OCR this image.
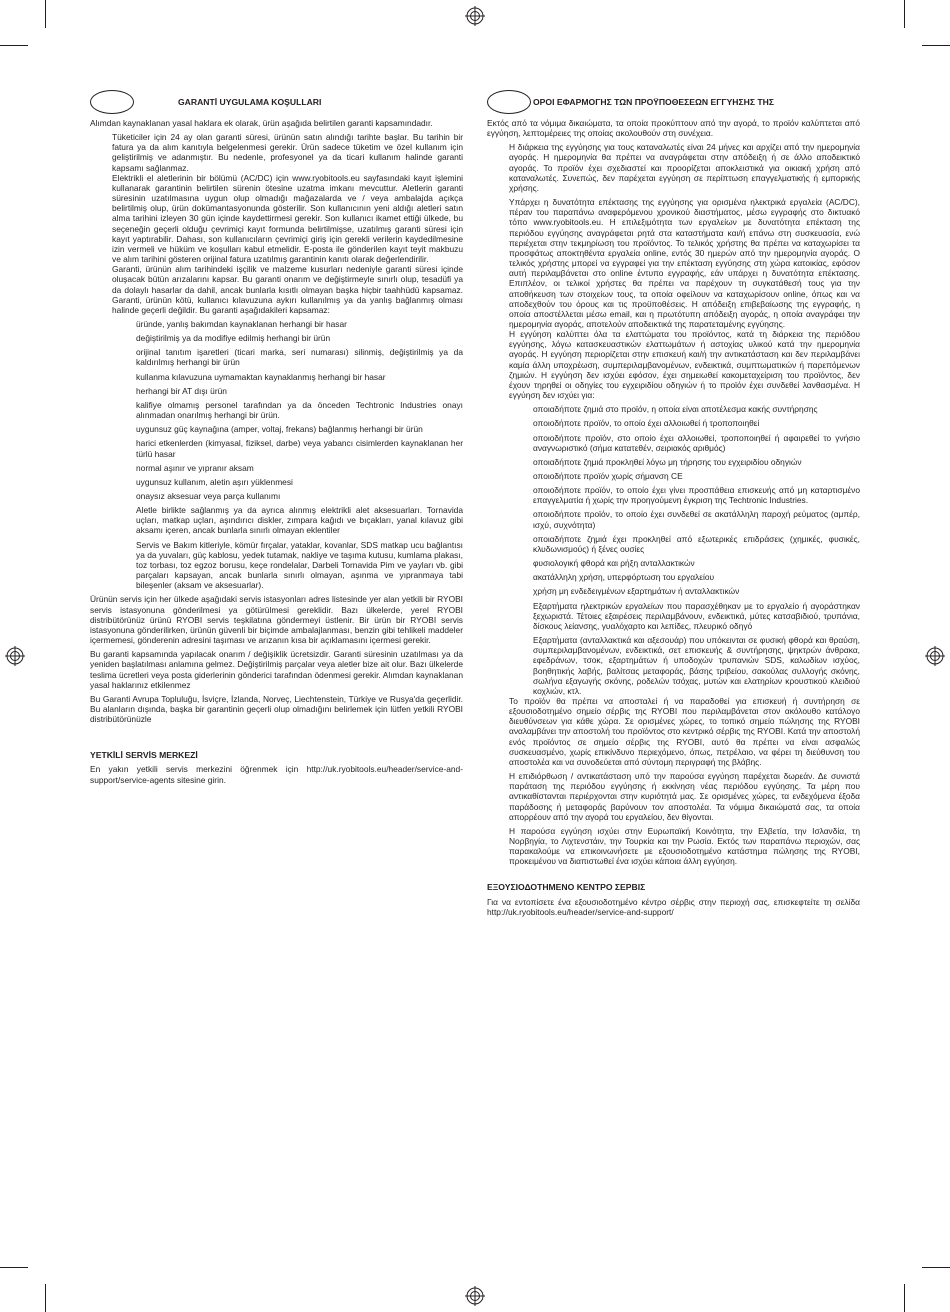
GARANTİ UYGULAMA KOŞULLARI

Alımdan kaynaklanan yasal haklara ek olarak, ürün aşağıda belirtilen garanti kapsamındadır.

Tüketiciler için 24 ay olan garanti süresi, ürünün satın alındığı tarihte başlar. Bu tarihin bir fatura ya da alım kanıtıyla belgelenmesi gerekir. Ürün sadece tüketim ve özel kullanım için geliştirilmiş ve adanmıştır. Bu nedenle, profesyonel ya da ticari kullanım halinde garanti kapsamı sağlanmaz.

Elektrikli el aletlerinin bir bölümü (AC/DC) için www.ryobitools.eu sayfasındaki kayıt işlemini kullanarak garantinin belirtilen sürenin ötesine uzatma imkanı mevcuttur. Aletlerin garanti süresinin uzatılmasına uygun olup olmadığı mağazalarda ve / veya ambalajda açıkça belirtilmiş olup, ürün dokümantasyonunda gösterilir. Son kullanıcının yeni aldığı aletleri satın alma tarihini izleyen 30 gün içinde kaydettirmesi gerekir. Son kullanıcı ikamet ettiği ülkede, bu seçeneğin geçerli olduğu çevrimiçi kayıt formunda belirtilmişse, uzatılmış garanti süresi için kayıt yaptırabilir. Dahası, son kullanıcıların çevrimiçi giriş için gerekli verilerin kaydedilmesine izin vermeli ve hüküm ve koşulları kabul etmelidir. E-posta ile gönderilen kayıt teyit makbuzu ve alım tarihini gösteren orijinal fatura uzatılmış garantinin kanıtı olarak değerlendirilir.

Garanti, ürünün alım tarihindeki işçilik ve malzeme kusurları nedeniyle garanti süresi içinde oluşacak bütün arızalarını kapsar. Bu garanti onarım ve değiştirmeyle sınırlı olup, tesadüfi ya da dolaylı hasarlar da dahil, ancak bunlarla kısıtlı olmayan başka hiçbir taahhüdü kapsamaz. Garanti, ürünün kötü, kullanıcı kılavuzuna aykırı kullanılmış ya da yanlış bağlanmış olması halinde geçerli değildir. Bu garanti aşağıdakileri kapsamaz:

üründe, yanlış bakımdan kaynaklanan herhangi bir hasar

değiştirilmiş ya da modifiye edilmiş herhangi bir ürün

orijinal tanıtım işaretleri (ticari marka, seri numarası) silinmiş, değiştirilmiş ya da kaldırılmış herhangi bir ürün

kullanma kılavuzuna uymamaktan kaynaklanmış herhangi bir hasar

herhangi bir AT dışı ürün

kalifiye olmamış personel tarafından ya da önceden Techtronic Industries onayı alınmadan onarılmış herhangi bir ürün.

uygunsuz güç kaynağına (amper, voltaj, frekans) bağlanmış herhangi bir ürün

harici etkenlerden (kimyasal, fiziksel, darbe) veya yabancı cisimlerden kaynaklanan her türlü hasar

normal aşınır ve yıpranır aksam

uygunsuz kullanım, aletin aşırı yüklenmesi

onaysız aksesuar veya parça kullanımı

Aletle birlikte sağlanmış ya da ayrıca alınmış elektrikli alet aksesuarları. Tornavida uçları, matkap uçları, aşındırıcı diskler, zımpara kağıdı ve bıçakları, yanal kılavuz gibi aksamı içeren, ancak bunlarla sınırlı olmayan eklentiler

Servis ve Bakım kitleriyle, kömür fırçalar, yataklar, kovanlar, SDS matkap ucu bağlantısı ya da yuvaları, güç kablosu, yedek tutamak, nakliye ve taşıma kutusu, kumlama plakası, toz torbası, toz egzoz borusu, keçe rondelalar, Darbeli Tornavida Pim ve yayları vb. gibi parçaları kapsayan, ancak bunlarla sınırlı olmayan, aşınma ve yıpranmaya tabi bileşenler (aksam ve aksesuarlar).

Ürünün servis için her ülkede aşağıdaki servis istasyonları adres listesinde yer alan yetkili bir RYOBI servis istasyonuna gönderilmesi ya götürülmesi gereklidir. Bazı ülkelerde, yerel RYOBI distribütörünüz ürünü RYOBI servis teşkilatına göndermeyi üstlenir. Bir ürün bir RYOBI servis istasyonuna gönderilirken, ürünün güvenli bir biçimde ambalajlanması, benzin gibi tehlikeli maddeler içermemesi, gönderenin adresini taşıması ve arızanın kısa bir açıklamasını içermesi gerekir.

Bu garanti kapsamında yapılacak onarım / değişiklik ücretsizdir. Garanti süresinin uzatılması ya da yeniden başlatılması anlamına gelmez. Değiştirilmiş parçalar veya aletler bize ait olur. Bazı ülkelerde teslima ücretleri veya posta giderlerinin gönderici tarafından ödenmesi gerekir. Alımdan kaynaklanan yasal haklarınız etkilenmez

Bu Garanti Avrupa Topluluğu, İsviçre, İzlanda, Norveç, Liechtenstein, Türkiye ve Rusya'da geçerlidir. Bu alanların dışında, başka bir garantinin geçerli olup olmadığını belirlemek için lütfen yetkili RYOBI distribütörünüzle

YETKİLİ SERVİS MERKEZİ

En yakın yetkili servis merkezini öğrenmek için http://uk.ryobitools.eu/header/service-and-support/service-agents sitesine girin.

ΟΡΟΙ ΕΦΑΡΜΟΓΗΣ ΤΩΝ ΠΡΟΫΠΟΘΕΣΕΩΝ ΕΓΓΥΗΣΗΣ ΤΗΣ

Εκτός από τα νόμιμα δικαιώματα, τα οποία προκύπτουν από την αγορά, το προϊόν καλύπτεται από εγγύηση, λεπτομέρειες της οποίας ακολουθούν στη συνέχεια.

Η διάρκεια της εγγύησης για τους καταναλωτές είναι 24 μήνες και αρχίζει από την ημερομηνία αγοράς. Η ημερομηνία θα πρέπει να αναγράφεται στην απόδειξη ή σε άλλο αποδεικτικό αγοράς. Το προϊόν έχει σχεδιαστεί και προορίζεται αποκλειστικά για οικιακή χρήση από καταναλωτές. Συνεπώς, δεν παρέχεται εγγύηση σε περίπτωση επαγγελματικής ή εμπορικής χρήσης.

Υπάρχει η δυνατότητα επέκτασης της εγγύησης για ορισμένα ηλεκτρικά εργαλεία (AC/DC), πέραν του παραπάνω αναφερόμενου χρονικού διαστήματος, μέσω εγγραφής στο δικτυακό τόπο www.ryobitools.eu. Η επιλεξιμότητα των εργαλείων με δυνατότητα επέκταση της περιόδου εγγύησης αναγράφεται ρητά στα καταστήματα και/ή επάνω στη συσκευασία, ενώ περιέχεται στην τεκμηρίωση του προϊόντος. Το τελικός χρήστης θα πρέπει να καταχωρίσει τα προσφάτως αποκτηθέντα εργαλεία online, εντός 30 ημερών από την ημερομηνία αγοράς. Ο τελικός χρήστης μπορεί να εγγραφεί για την επέκταση εγγύησης στη χώρα κατοικίας, εφόσον αυτή περιλαμβάνεται στο online έντυπο εγγραφής, εάν υπάρχει η δυνατότητα επέκτασης. Επιπλέον, οι τελικοί χρήστες θα πρέπει να παρέχουν τη συγκατάθεσή τους για την αποθήκευση των στοιχείων τους, τα οποία οφείλουν να καταχωρίσουν online, όπως και να αποδεχθούν του όρους και τις προϋποθέσεις. Η απόδειξη επιβεβαίωσης της εγγραφής, η οποία αποστέλλεται μέσω email, και η πρωτότυπη απόδειξη αγοράς, η οποία αναγράφει την ημερομηνία αγοράς, αποτελούν αποδεικτικά της παρατεταμένης εγγύησης.

Η εγγύηση καλύπτει όλα τα ελαττώματα του προϊόντος, κατά τη διάρκεια της περιόδου εγγύησης, λόγω κατασκευαστικών ελαττωμάτων ή αστοχίας υλικού κατά την ημερομηνία αγοράς. Η εγγύηση περιορίζεται στην επισκευή και/ή την αντικατάσταση και δεν περιλαμβάνει καμία άλλη υποχρέωση, συμπεριλαμβανομένων, ενδεικτικά, συμπτωματικών ή παρεπόμενων ζημιών. Η εγγύηση δεν ισχύει εφόσον, έχει σημειωθεί κακομεταχείριση του προϊόντος, δεν έχουν τηρηθεί οι οδηγίες του εγχειριδίου οδηγιών ή το προϊόν έχει συνδεθεί λανθασμένα. Η εγγύηση δεν ισχύει για:

οποιαδήποτε ζημιά στο προϊόν, η οποία είναι αποτέλεσμα κακής συντήρησης

οποιοδήποτε προϊόν, το οποίο έχει αλλοιωθεί ή τροποποιηθεί

οποιοδήποτε προϊόν, στο οποίο έχει αλλοιωθεί, τροποποιηθεί ή αφαιρεθεί το γνήσιο αναγνωριστικό (σήμα κατατεθέν, σειριακός αριθμός)

οποιαδήποτε ζημιά προκληθεί λόγω μη τήρησης του εγχειριδίου οδηγιών

οποιοδήποτε προϊόν χωρίς σήμανση CE

οποιοδήποτε προϊόν, το οποίο έχει γίνει προσπάθεια επισκευής από μη καταρτισμένο επαγγελματία ή χωρίς την προηγούμενη έγκριση της Techtronic Industries.

οποιοδήποτε προϊόν, το οποίο έχει συνδεθεί σε ακατάλληλη παροχή ρεύματος (αμπέρ, ισχύ, συχνότητα)

οποιαδήποτε ζημιά έχει προκληθεί από εξωτερικές επιδράσεις (χημικές, φυσικές, κλυδωνισμούς) ή ξένες ουσίες

φυσιολογική φθορά και ρήξη ανταλλακτικών

ακατάλληλη χρήση, υπερφόρτωση του εργαλείου

χρήση μη ενδεδειγμένων εξαρτημάτων ή ανταλλακτικών

Εξαρτήματα ηλεκτρικών εργαλείων που παρασχέθηκαν με το εργαλείο ή αγοράστηκαν ξεχωριστά. Τέτοιες εξαιρέσεις περιλαμβάνουν, ενδεικτικά, μύτες κατσαβιδιού, τρυπάνια, δίσκους λείανσης, γυαλόχαρτο και λεπίδες, πλευρικό οδηγό

Εξαρτήματα (ανταλλακτικά και αξεσουάρ) που υπόκεινται σε φυσική φθορά και θραύση, συμπεριλαμβανομένων, ενδεικτικά, σετ επισκευής & συντήρησης, ψηκτρών άνθρακα, εφεδράνων, τσοκ, εξαρτημάτων ή υποδοχών τρυπανιών SDS, καλωδίων ισχύος, βοηθητικής λαβής, βαλίτσας μεταφοράς, βάσης τριβείου, σακούλας συλλογής σκόνης, σωλήνα εξαγωγής σκόνης, ροδελών τσόχας, μυτών και ελατηρίων κρουστικού κλειδιού κοχλιών, κτλ.

Το προϊόν θα πρέπει να αποσταλεί ή να παραδοθεί για επισκευή ή συντήρηση σε εξουσιοδοτημένο σημείο σέρβις της RYOBI που περιλαμβάνεται στον ακόλουθο κατάλογο διευθύνσεων για κάθε χώρα. Σε ορισμένες χώρες, το τοπικό σημείο πώλησης της RYOBI αναλαμβάνει την αποστολή του προϊόντος στο κεντρικό σέρβις της RYOBI. Κατά την αποστολή ενός προϊόντος σε σημείο σέρβις της RYOBI, αυτό θα πρέπει να είναι ασφαλώς συσκευασμένο, χωρίς επικίνδυνο περιεχόμενο, όπως, πετρέλαιο, να φέρει τη διεύθυνση του αποστολέα και να συνοδεύεται από σύντομη περιγραφή της βλάβης.

Η επιδιόρθωση / αντικατάσταση υπό την παρούσα εγγύηση παρέχεται δωρεάν. Δε συνιστά παράταση της περιόδου εγγύησης ή εκκίνηση νέας περιόδου εγγύησης. Τα μέρη που αντικαθίστανται περιέρχονται στην κυριότητά μας. Σε ορισμένες χώρες, τα ενδεχόμενα έξοδα παράδοσης ή μεταφοράς βαρύνουν τον αποστολέα. Τα νόμιμα δικαιώματά σας, τα οποία απορρέουν από την αγορά του εργαλείου, δεν θίγονται.

Η παρούσα εγγύηση ισχύει στην Ευρωπαϊκή Κοινότητα, την Ελβετία, την Ισλανδία, τη Νορβηγία, το Λιχτενστάιν, την Τουρκία και την Ρωσία. Εκτός των παραπάνω περιοχών, σας παρακαλούμε να επικοινωνήσετε με εξουσιοδοτημένο κατάστημα πώλησης της RYOBI, προκειμένου να διαπιστωθεί ένα ισχύει κάποια άλλη εγγύηση.

ΕΞΟΥΣΙΟΔΟΤΗΜΕΝΟ ΚΕΝΤΡΟ ΣΕΡΒΙΣ

Για να εντοπίσετε ένα εξουσιοδοτημένο κέντρο σέρβις στην περιοχή σας, επισκεφτείτε τη σελίδα http://uk.ryobitools.eu/header/service-and-support/
